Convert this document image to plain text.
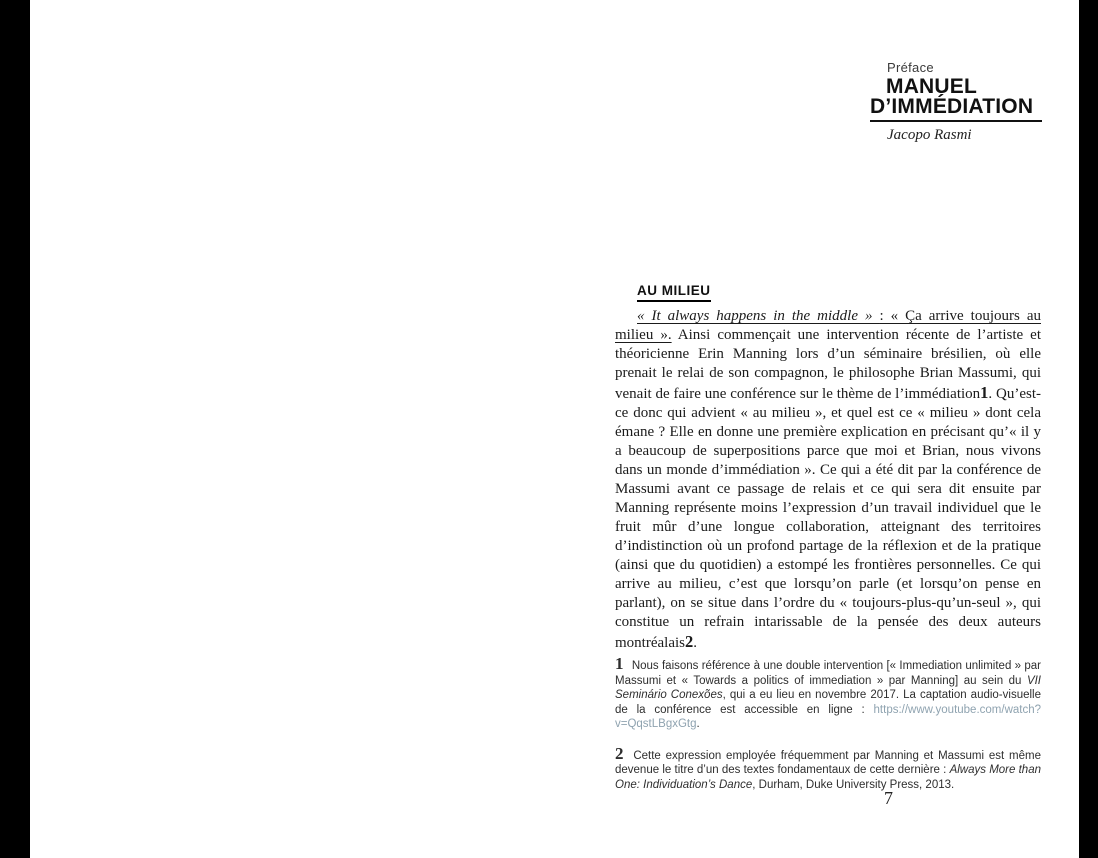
Préface
MANUEL
D’IMMÉDIATION
Jacopo Rasmi
AU MILIEU

« It always happens in the middle » : « Ça arrive toujours au milieu ». Ainsi commençait une intervention récente de l’artiste et théoricienne Erin Manning lors d’un séminaire brésilien, où elle prenait le relai de son compagnon, le philosophe Brian Massumi, qui venait de faire une conférence sur le thème de l’immédiation1. Qu’est-ce donc qui advient « au milieu », et quel est ce « milieu » dont cela émane ? Elle en donne une première explication en précisant qu’« il y a beaucoup de superpositions parce que moi et Brian, nous vivons dans un monde d’immédiation ». Ce qui a été dit par la conférence de Massumi avant ce passage de relais et ce qui sera dit ensuite par Manning représente moins l’expression d’un travail individuel que le fruit mûr d’une longue collaboration, atteignant des territoires d’indistinction où un profond partage de la réflexion et de la pratique (ainsi que du quotidien) a estompé les frontières personnelles. Ce qui arrive au milieu, c’est que lorsqu’on parle (et lorsqu’on pense en parlant), on se situe dans l’ordre du « toujours-plus-qu’un-seul », qui constitue un refrain intarissable de la pensée des deux auteurs montréalais2.

1 Nous faisons référence à une double intervention [« Immediation unlimited » par Massumi et « Towards a politics of immediation » par Manning] au sein du VII Seminário Conexões, qui a eu lieu en novembre 2017. La captation audio-visuelle de la conférence est accessible en ligne : https://www.youtube.com/watch?v=QqstLBgxGtg.

2 Cette expression employée fréquemment par Manning et Massumi est même devenue le titre d’un des textes fondamentaux de cette dernière : Always More than One: Individuation’s Dance, Durham, Duke University Press, 2013.

7
